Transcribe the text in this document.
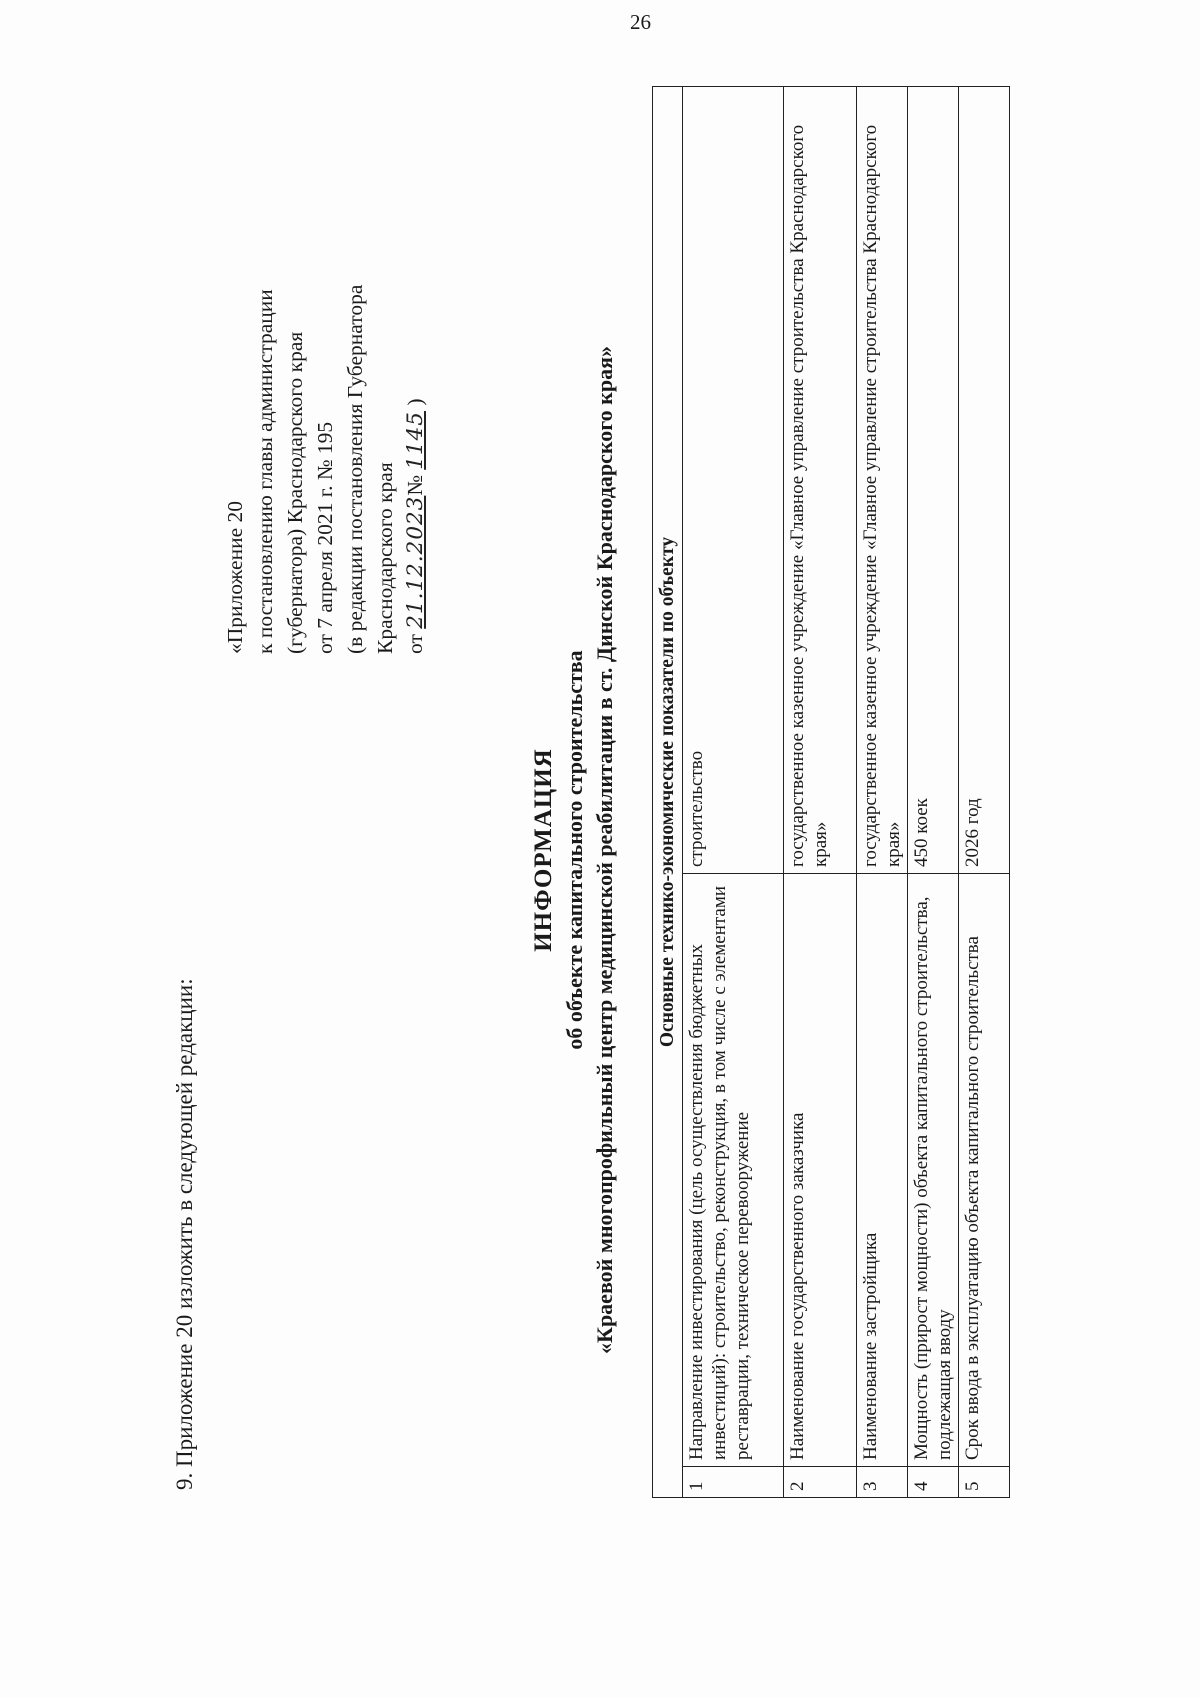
26
9. Приложение 20 изложить в следующей редакции:
«Приложение 20 к постановлению главы администрации (губернатора) Краснодарского края от 7 апреля 2021 г. № 195 (в редакции постановления Губернатора Краснодарского края от 21.12.2023№ 1145 )
ИНФОРМАЦИЯ об объекте капитального строительства «Краевой многопрофильный центр медицинской реабилитации в ст. Динской Краснодарского края» Основные технико-экономические показатели по объекту		
1	Направление инвестирования (цель осуществления бюджетных инвестиций): строительство, реконструкция, в том числе с элементами реставрации, техническое перевооружение	строительство
2	Наименование государственного заказчика	государственное казенное учреждение «Главное управление строительства Краснодарского края»
3	Наименование застройщика	государственное казенное учреждение «Главное управление строительства Краснодарского края»
4	Мощность (прирост мощности) объекта капитального строительства, подлежащая вводу	450 коек
5	Срок ввода в эксплуатацию объекта капитального строительства	2026 год
